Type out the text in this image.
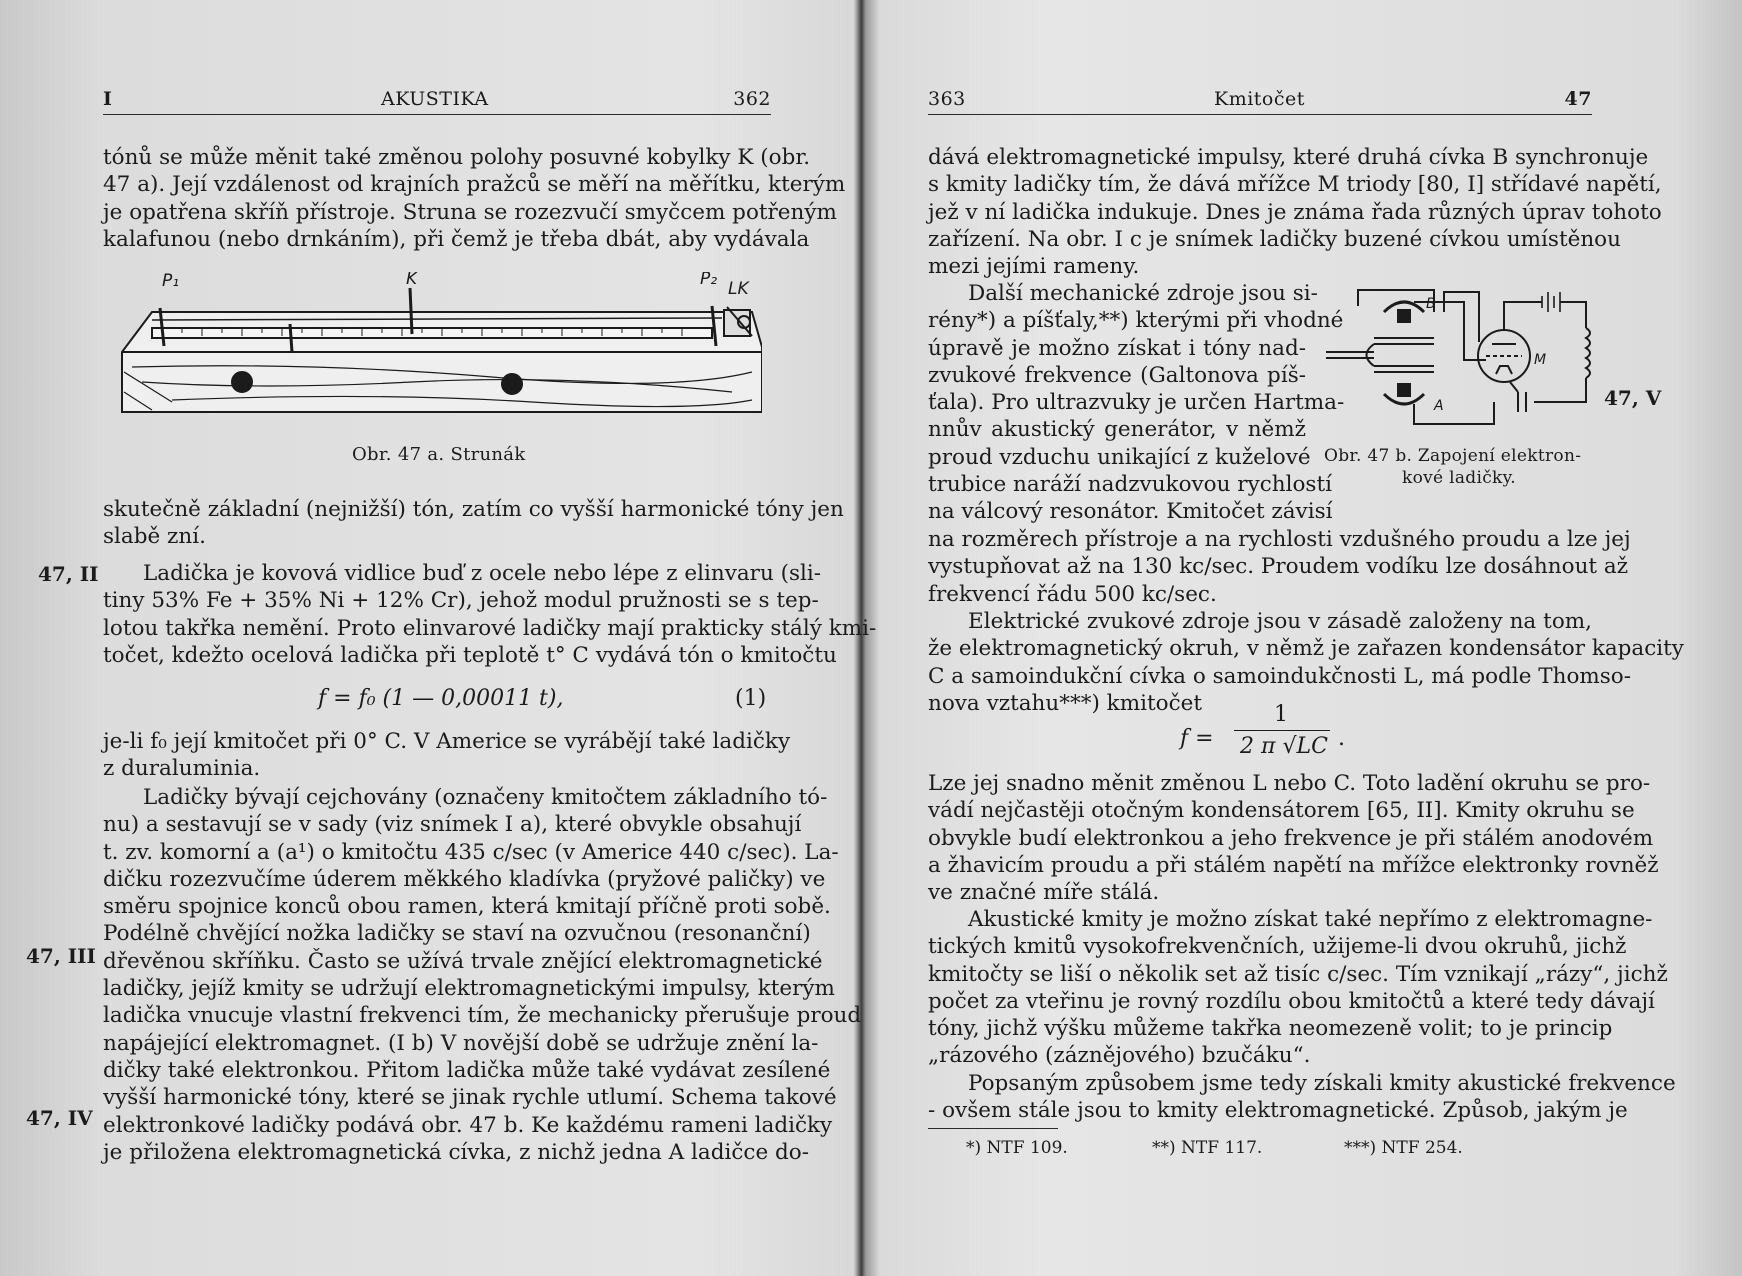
I	AKUSTIKA	362
tónů se může měnit také změnou polohy posuvné kobylky K (obr.
47 a). Její vzdálenost od krajních pražců se měří na měřítku, kterým
je opatřena skříň přístroje. Struna se rozezvučí smyčcem potřeným
kalafunou (nebo drnkáním), při čemž je třeba dbát, aby vydávala
P₁	K	P₂ LK
Obr. 47 a. Strunák
skutečně základní (nejnižší) tón, zatím co vyšší harmonické tóny jen
slabě zní.
47, II	Ladička je kovová vidlice buď z ocele nebo lépe z elinvaru (sli-
tiny 53% Fe + 35% Ni + 12% Cr), jehož modul pružnosti se s tep-
lotou takřka nemění. Proto elinvarové ladičky mají prakticky stálý kmi-
točet, kdežto ocelová ladička při teplotě t° C vydává tón o kmitočtu
f = f₀ (1 — 0,00011 t),	(1)
je-li f₀ její kmitočet při 0° C. V Americe se vyrábějí také ladičky
z duraluminia.
47, III
47, IV
Ladičky bývají cejchovány (označeny kmitočtem základního tó-
nu) a sestavují se v sady (viz snímek I a), které obvykle obsahují
t. zv. komorní a (a¹) o kmitočtu 435 c/sec (v Americe 440 c/sec). La-
dičku rozezvučíme úderem měkkého kladívka (pryžové paličky) ve
směru spojnice konců obou ramen, která kmitají příčně proti sobě.
Podélně chvějící nožka ladičky se staví na ozvučnou (resonanční)
dřevěnou skříňku. Často se užívá trvale znějící elektromagnetické
ladičky, jejíž kmity se udržují elektromagnetickými impulsy, kterým
ladička vnucuje vlastní frekvenci tím, že mechanicky přerušuje proud
napájející elektromagnet. (I b) V novější době se udržuje znění la-
dičky také elektronkou. Přitom ladička může také vydávat zesílené
vyšší harmonické tóny, které se jinak rychle utlumí. Schema takové
elektronkové ladičky podává obr. 47 b. Ke každému rameni ladičky
je přiložena elektromagnetická cívka, z nichž jedna A ladičce do-
363	Kmitočet	47
dává elektromagnetické impulsy, které druhá cívka B synchronuje
s kmity ladičky tím, že dává mřížce M triody [80, I] střídavé napětí,
jež v ní ladička indukuje. Dnes je známa řada různých úprav tohoto
zařízení. Na obr. I c je snímek ladičky buzené cívkou umístěnou
mezi jejími rameny.
Další mechanické zdroje jsou si-
rény*) a píšťaly,**) kterými při vhodné
úpravě je možno získat i tóny nad-
zvukové frekvence (Galtonova píš-
ťala). Pro ultrazvuky je určen Hartma-
nnův akustický generátor, v němž
proud vzduchu unikající z kuželové
trubice naráží nadzvukovou rychlostí
na válcový resonátor. Kmitočet závisí
B
A
M
47, V
Obr. 47 b. Zapojení elektron-
kové ladičky.
na rozměrech přístroje a na rychlosti vzdušného proudu a lze jej
vystupňovat až na 130 kc/sec. Proudem vodíku lze dosáhnout až
frekvencí řádu 500 kc/sec.
Elektrické zvukové zdroje jsou v zásadě založeny na tom,
že elektromagnetický okruh, v němž je zařazen kondensátor kapacity
C a samoindukční cívka o samoindukčnosti L, má podle Thomso-
nova vztahu***) kmitočet
f =
1
2 π √LC .
Lze jej snadno měnit změnou L nebo C. Toto ladění okruhu se pro-
vádí nejčastěji otočným kondensátorem [65, II]. Kmity okruhu se
obvykle budí elektronkou a jeho frekvence je při stálém anodovém
a žhavicím proudu a při stálém napětí na mřížce elektronky rovněž
ve značné míře stálá.
Akustické kmity je možno získat také nepřímo z elektromagne-
tických kmitů vysokofrekvenčních, užijeme-li dvou okruhů, jichž
kmitočty se liší o několik set až tisíc c/sec. Tím vznikají „rázy“, jichž
počet za vteřinu je rovný rozdílu obou kmitočtů a které tedy dávají
tóny, jichž výšku můžeme takřka neomezeně volit; to je princip
„rázového (záznějového) bzučáku“.
Popsaným způsobem jsme tedy získali kmity akustické frekvence
- ovšem stále jsou to kmity elektromagnetické. Způsob, jakým je
*) NTF 109.	**) NTF 117.	***) NTF 254.
